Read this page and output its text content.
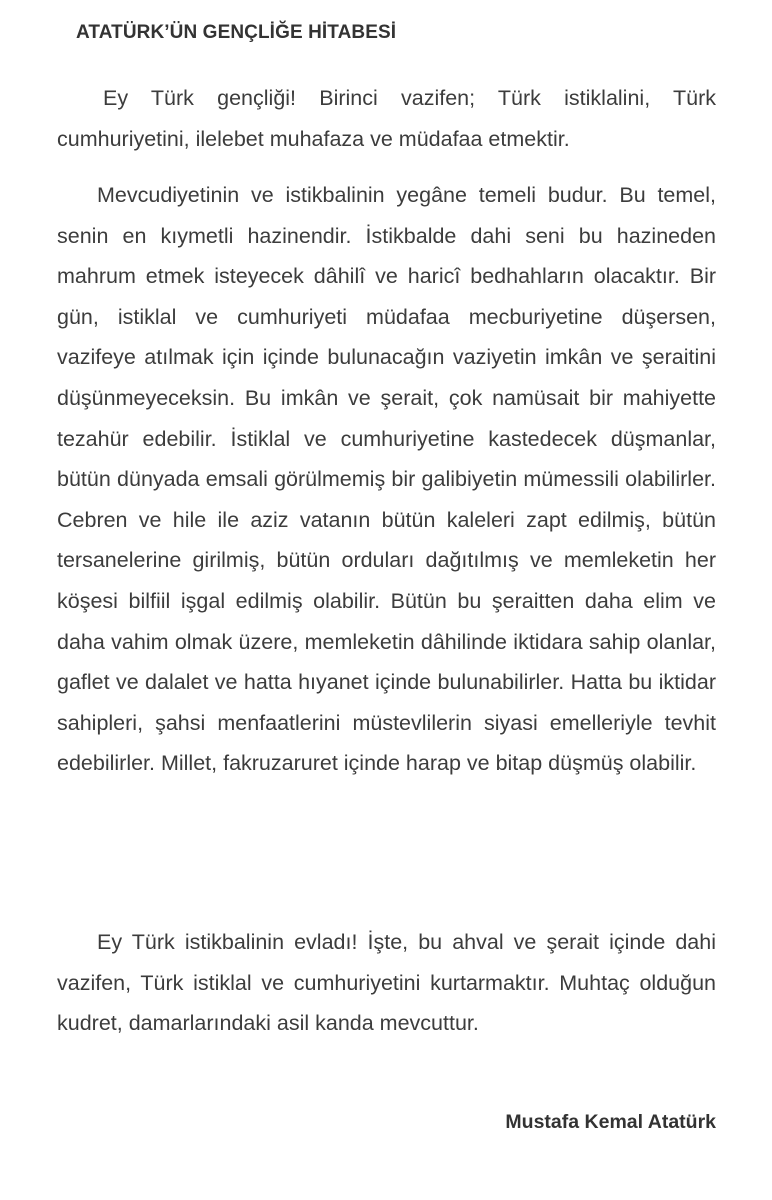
ATATÜRK’ÜN GENÇLİĞE HİTABESİ

Ey Türk gençliği! Birinci vazifen; Türk istiklalini, Türk cumhuriyetini, ilelebet muhafaza ve müdafaa etmektir.

Mevcudiyetinin ve istikbalinin yegâne temeli budur. Bu temel, senin en kıymetli hazinendir. İstikbalde dahi seni bu hazineden mahrum etmek isteyecek dâhilî ve haricî bedhahların olacaktır. Bir gün, istiklal ve cumhuriyeti müdafaa mecburiyetine düşersen, vazifeye atılmak için içinde bulunacağın vaziyetin imkân ve şeraitini düşünmeyeceksin. Bu imkân ve şerait, çok namüsait bir mahiyette tezahür edebilir. İstiklal ve cumhuriyetine kastedecek düşmanlar, bütün dünyada emsali görülmemiş bir galibiyetin mümessili olabilirler. Cebren ve hile ile aziz vatanın bütün kaleleri zapt edilmiş, bütün tersanelerine girilmiş, bütün orduları dağıtılmış ve memleketin her köşesi bilfiil işgal edilmiş olabilir. Bütün bu şeraitten daha elim ve daha vahim olmak üzere, memleketin dâhilinde iktidara sahip olanlar, gaflet ve dalalet ve hatta hıyanet içinde bulunabilirler. Hatta bu iktidar sahipleri, şahsi menfaatlerini müstevlilerin siyasi emelleriyle tevhit edebilirler. Millet, fakruzaruret içinde harap ve bitap düşmüş olabilir.

Ey Türk istikbalinin evladı! İşte, bu ahval ve şerait içinde dahi vazifen, Türk istiklal ve cumhuriyetini kurtarmaktır. Muhtaç olduğun kudret, damarlarındaki asil kanda mevcuttur.

Mustafa Kemal Atatürk
